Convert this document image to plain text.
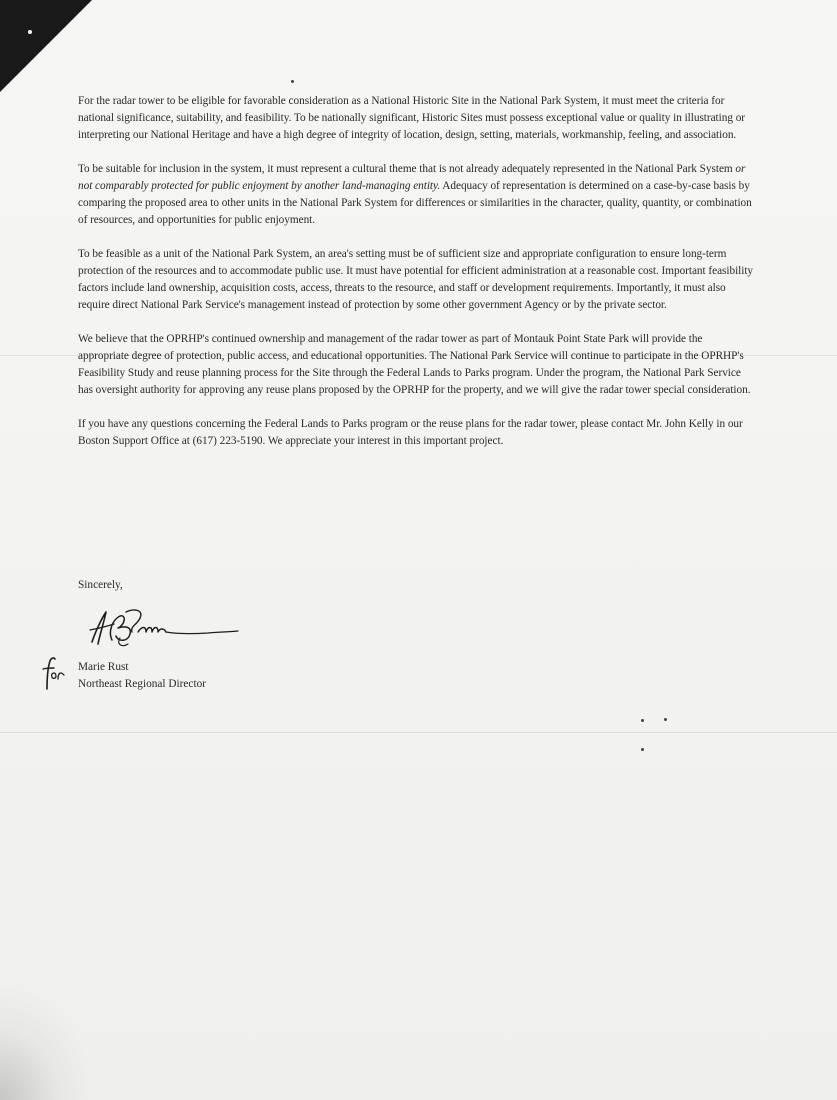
For the radar tower to be eligible for favorable consideration as a National Historic Site in the National Park System, it must meet the criteria for national significance, suitability, and feasibility. To be nationally significant, Historic Sites must possess exceptional value or quality in illustrating or interpreting our National Heritage and have a high degree of integrity of location, design, setting, materials, workmanship, feeling, and association.

To be suitable for inclusion in the system, it must represent a cultural theme that is not already adequately represented in the National Park System or not comparably protected for public enjoyment by another land-managing entity. Adequacy of representation is determined on a case-by-case basis by comparing the proposed area to other units in the National Park System for differences or similarities in the character, quality, quantity, or combination of resources, and opportunities for public enjoyment.

To be feasible as a unit of the National Park System, an area's setting must be of sufficient size and appropriate configuration to ensure long-term protection of the resources and to accommodate public use. It must have potential for efficient administration at a reasonable cost. Important feasibility factors include land ownership, acquisition costs, access, threats to the resource, and staff or development requirements. Importantly, it must also require direct National Park Service's management instead of protection by some other government Agency or by the private sector.

We believe that the OPRHP's continued ownership and management of the radar tower as part of Montauk Point State Park will provide the appropriate degree of protection, public access, and educational opportunities. The National Park Service will continue to participate in the OPRHP's Feasibility Study and reuse planning process for the Site through the Federal Lands to Parks program. Under the program, the National Park Service has oversight authority for approving any reuse plans proposed by the OPRHP for the property, and we will give the radar tower special consideration.

If you have any questions concerning the Federal Lands to Parks program or the reuse plans for the radar tower, please contact Mr. John Kelly in our Boston Support Office at (617) 223-5190. We appreciate your interest in this important project.

Sincerely,
Marie Rust
Northeast Regional Director
